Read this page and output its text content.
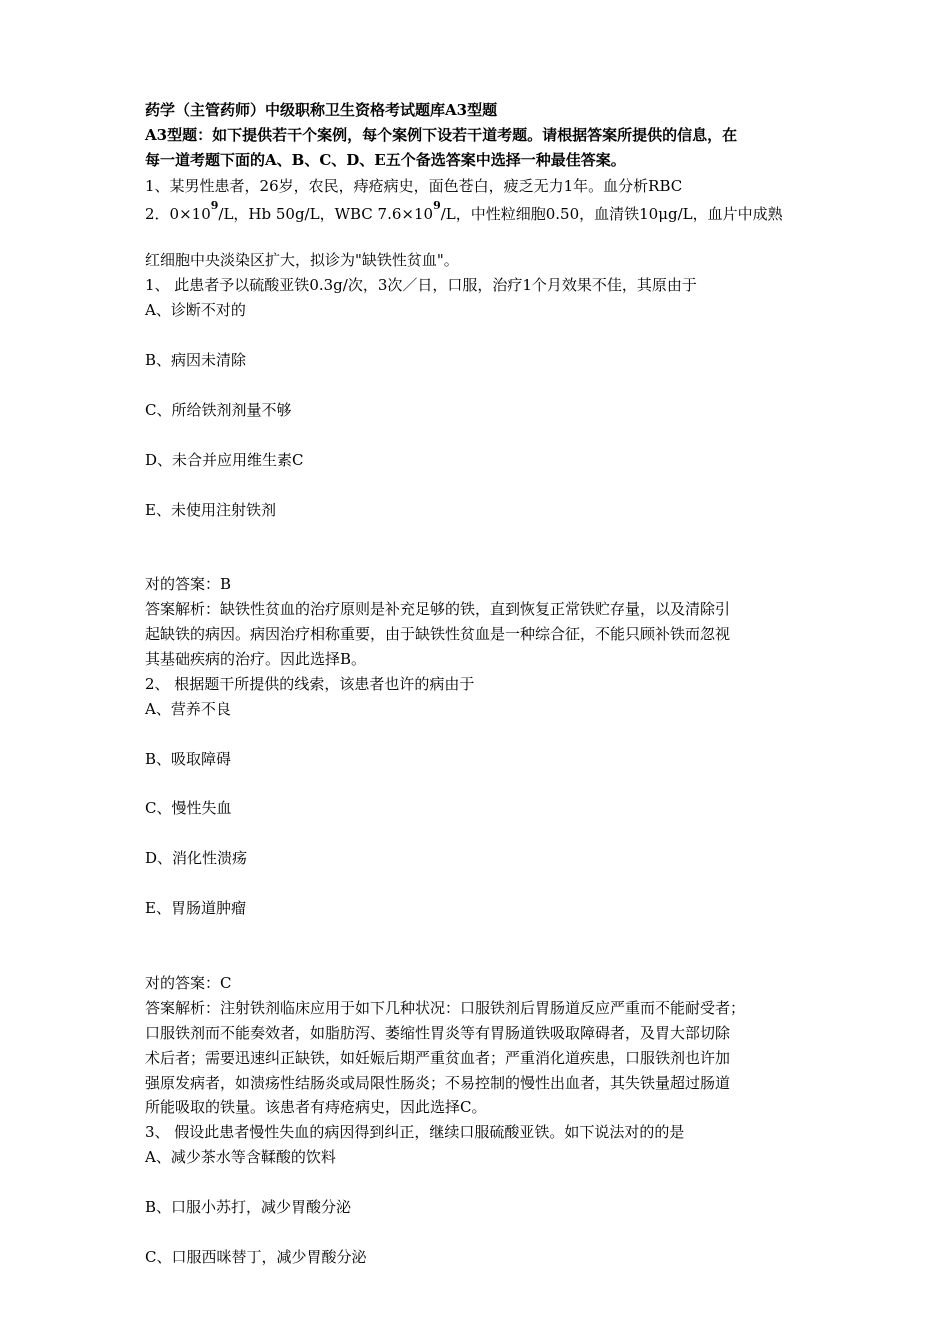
药学（主管药师）中级职称卫生资格考试题库A3型题
A3型题：如下提供若干个案例，每个案例下设若干道考题。请根据答案所提供的信息，在
每一道考题下面的A、B、C、D、E五个备选答案中选择一种最佳答案。
1、某男性患者，26岁，农民，痔疮病史，面色苍白，疲乏无力1年。血分析RBC
2．$0\times 10^9/L$，Hb 50g/L，WBC $7.6\times 10^9/L$，中性粒细胞0.50，血清铁10μg/L，血片中成熟
红细胞中央淡染区扩大，拟诊为"缺铁性贫血"。
1、 此患者予以硫酸亚铁0.3g/次，3次／日，口服，治疗1个月效果不佳，其原由于
A、诊断不对的
B、病因未清除
C、所给铁剂剂量不够
D、未合并应用维生素C
E、未使用注射铁剂
对的答案：B
答案解析：缺铁性贫血的治疗原则是补充足够的铁，直到恢复正常铁贮存量，以及清除引
起缺铁的病因。病因治疗相称重要，由于缺铁性贫血是一种综合征，不能只顾补铁而忽视
其基础疾病的治疗。因此选择B。
2、 根据题干所提供的线索，该患者也许的病由于
A、营养不良
B、吸取障碍
C、慢性失血
D、消化性溃疡
E、胃肠道肿瘤
对的答案：C
答案解析：注射铁剂临床应用于如下几种状况：口服铁剂后胃肠道反应严重而不能耐受者；
口服铁剂而不能奏效者，如脂肪泻、萎缩性胃炎等有胃肠道铁吸取障碍者，及胃大部切除
术后者；需要迅速纠正缺铁，如妊娠后期严重贫血者；严重消化道疾患，口服铁剂也许加
强原发病者，如溃疡性结肠炎或局限性肠炎；不易控制的慢性出血者，其失铁量超过肠道
所能吸取的铁量。该患者有痔疮病史，因此选择C。
3、 假设此患者慢性失血的病因得到纠正，继续口服硫酸亚铁。如下说法对的的是
A、减少茶水等含鞣酸的饮料
B、口服小苏打，减少胃酸分泌
C、口服西咪替丁，减少胃酸分泌
